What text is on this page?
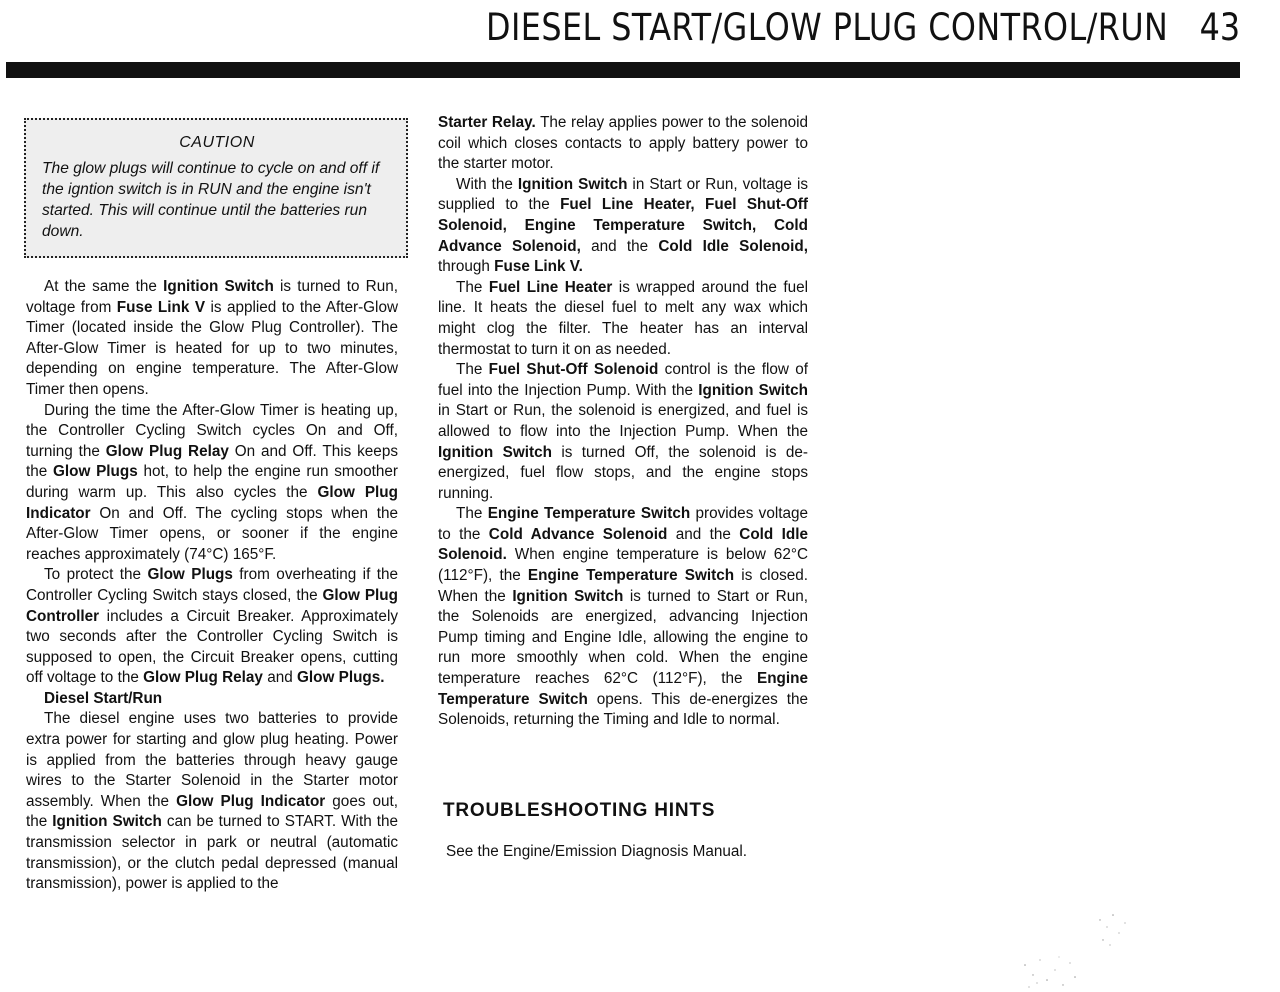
DIESEL START/GLOW PLUG CONTROL/RUN 43
CAUTION

The glow plugs will continue to cycle on and off if the igntion switch is in RUN and the engine isn't started. This will continue until the batteries run down.

At the same the Ignition Switch is turned to Run, voltage from Fuse Link V is applied to the After-Glow Timer (located inside the Glow Plug Controller). The After-Glow Timer is heated for up to two minutes, depending on engine temperature. The After-Glow Timer then opens.

During the time the After-Glow Timer is heating up, the Controller Cycling Switch cycles On and Off, turning the Glow Plug Relay On and Off. This keeps the Glow Plugs hot, to help the engine run smoother during warm up. This also cycles the Glow Plug Indicator On and Off. The cycling stops when the After-Glow Timer opens, or sooner if the engine reaches approximately (74°C) 165°F.

To protect the Glow Plugs from overheating if the Controller Cycling Switch stays closed, the Glow Plug Controller includes a Circuit Breaker. Approximately two seconds after the Controller Cycling Switch is supposed to open, the Circuit Breaker opens, cutting off voltage to the Glow Plug Relay and Glow Plugs.

Diesel Start/Run

The diesel engine uses two batteries to provide extra power for starting and glow plug heating. Power is applied from the batteries through heavy gauge wires to the Starter Solenoid in the Starter motor assembly. When the Glow Plug Indicator goes out, the Ignition Switch can be turned to START. With the transmission selector in park or neutral (automatic transmission), or the clutch pedal depressed (manual transmission), power is applied to the

Starter Relay. The relay applies power to the solenoid coil which closes contacts to apply battery power to the starter motor.

With the Ignition Switch in Start or Run, voltage is supplied to the Fuel Line Heater, Fuel Shut-Off Solenoid, Engine Temperature Switch, Cold Advance Solenoid, and the Cold Idle Solenoid, through Fuse Link V.

The Fuel Line Heater is wrapped around the fuel line. It heats the diesel fuel to melt any wax which might clog the filter. The heater has an interval thermostat to turn it on as needed.

The Fuel Shut-Off Solenoid control is the flow of fuel into the Injection Pump. With the Ignition Switch in Start or Run, the solenoid is energized, and fuel is allowed to flow into the Injection Pump. When the Ignition Switch is turned Off, the solenoid is de-energized, fuel flow stops, and the engine stops running.

The Engine Temperature Switch provides voltage to the Cold Advance Solenoid and the Cold Idle Solenoid. When engine temperature is below 62°C (112°F), the Engine Temperature Switch is closed. When the Ignition Switch is turned to Start or Run, the Solenoids are energized, advancing Injection Pump timing and Engine Idle, allowing the engine to run more smoothly when cold. When the engine temperature reaches 62°C (112°F), the Engine Temperature Switch opens. This de-energizes the Solenoids, returning the Timing and Idle to normal.

TROUBLESHOOTING HINTS
See the Engine/Emission Diagnosis Manual.
